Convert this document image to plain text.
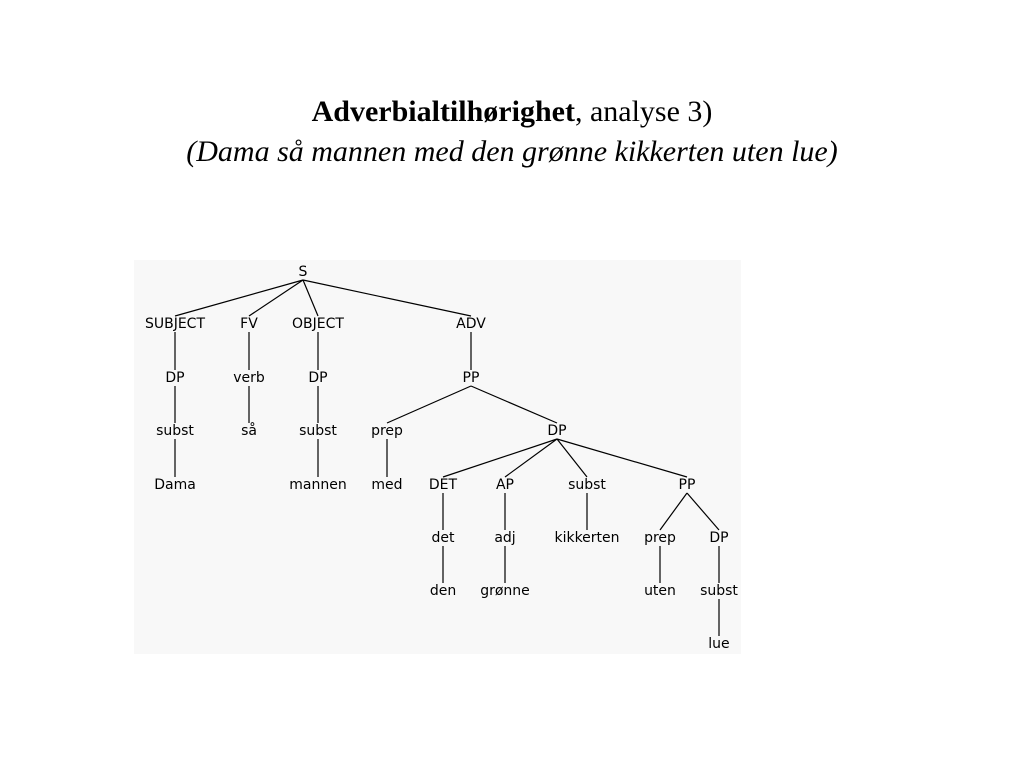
Adverbialtilhørighet, analyse 3)
(Dama så mannen med den grønne kikkerten uten lue)
S
SUBJECT	FV OBJECT	ADV
DP	verb	DP	PP
subst	så	subst prep	DP
Dama	mannen med DET	AP	subst	PP
det	adj	kikkerten prep DP
den grønne	uten subst
lue
